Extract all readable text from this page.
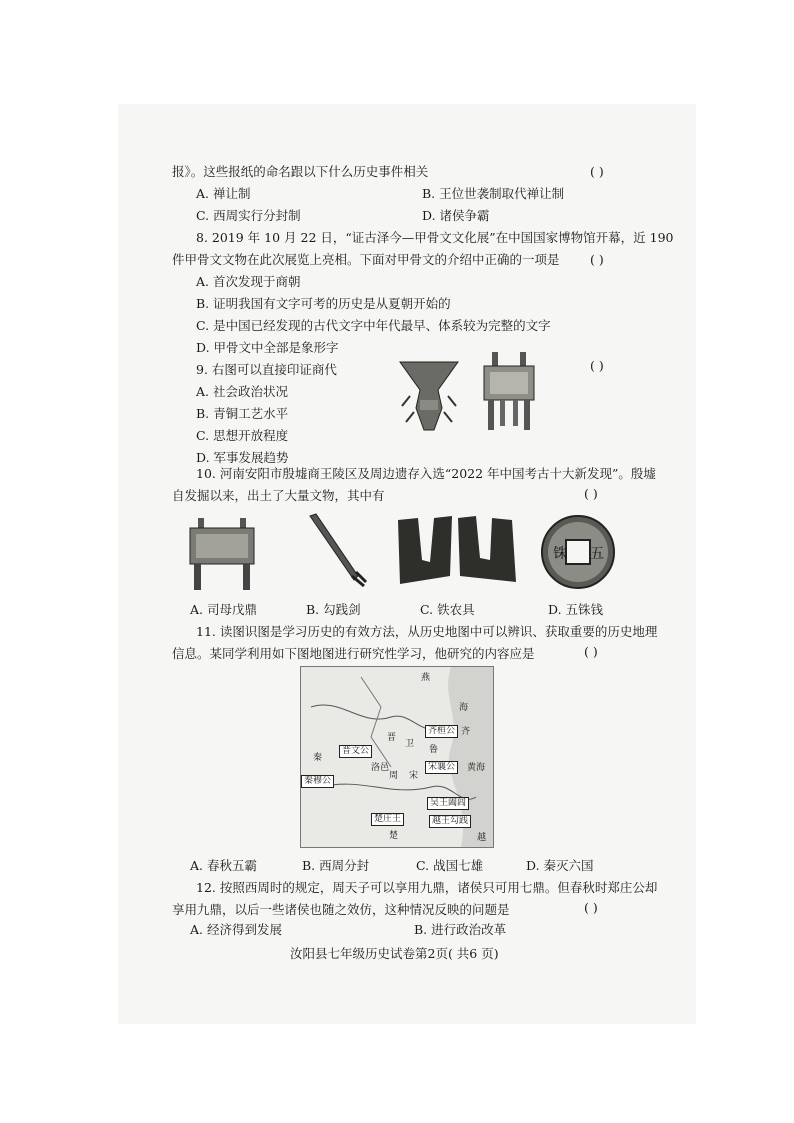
报》。这些报纸的命名跟以下什么历史事件相关	( )
A. 禅让制	B. 王位世袭制取代禅让制
C. 西周实行分封制	D. 诸侯争霸
8. 2019 年 10 月 22 日，“证古泽今—甲骨文文化展”在中国国家博物馆开幕，近 190
件甲骨文文物在此次展览上亮相。下面对甲骨文的介绍中正确的一项是 ( )
A. 首次发现于商朝
B. 证明我国有文字可考的历史是从夏朝开始的
C. 是中国已经发现的古代文字中年代最早、体系较为完整的文字
D. 甲骨文中全部是象形字
9. 右图可以直接印证商代	( )
A. 社会政治状况
B. 青铜工艺水平
C. 思想开放程度
D. 军事发展趋势
10. 河南安阳市殷墟商王陵区及周边遗存入选“2022 年中国考古十大新发现”。殷墟
自发掘以来，出土了大量文物，其中有	( )
铢 五
A. 司母戊鼎	B. 勾践剑	C. 铁农具	D. 五铢钱
11. 读图识图是学习历史的有效方法，从历史地图中可以辨识、获取重要的历史地理
信息。某同学利用如下图地图进行研究性学习，他研究的内容应是	( )
燕
海
齐桓公 齐
晋文公
晋
卫
鲁
秦
洛邑
周 宋
宋襄公
秦穆公
黄海
吴王阖闾
楚庄王	越王勾践
楚	越
A. 春秋五霸	B. 西周分封	C. 战国七雄	D. 秦灭六国
12. 按照西周时的规定，周天子可以享用九鼎，诸侯只可用七鼎。但春秋时郑庄公却
享用九鼎，以后一些诸侯也随之效仿，这种情况反映的问题是	( )
A. 经济得到发展	B. 进行政治改革
汝阳县七年级历史试卷第2页( 共6 页)
